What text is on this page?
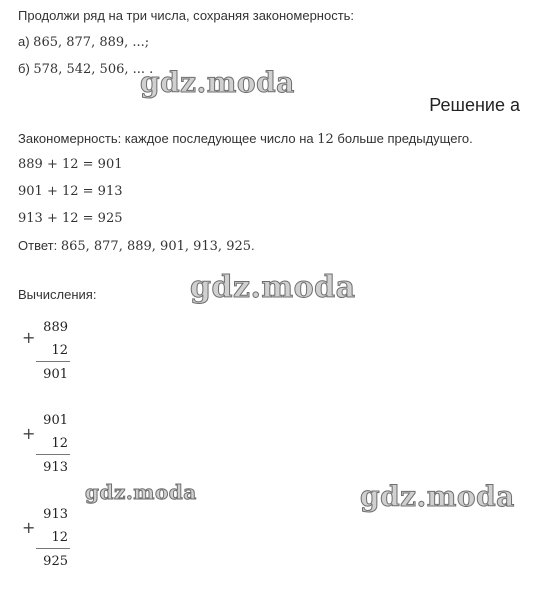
Продолжи ряд на три числа, сохраняя закономерность:
а) 865, 877, 889, ...;
б) 578, 542, 506, ... .
gdz.moda
Решение а
Закономерность: каждое последующее число на 12 больше предыдущего.
889 + 12 = 901
901 + 12 = 913
913 + 12 = 925
Ответ: 865, 877, 889, 901, 913, 925.
Вычисления:	gdz.moda
+
889
12
901
+
901
12
913
gdz.moda	gdz.moda
+
913
12
925
